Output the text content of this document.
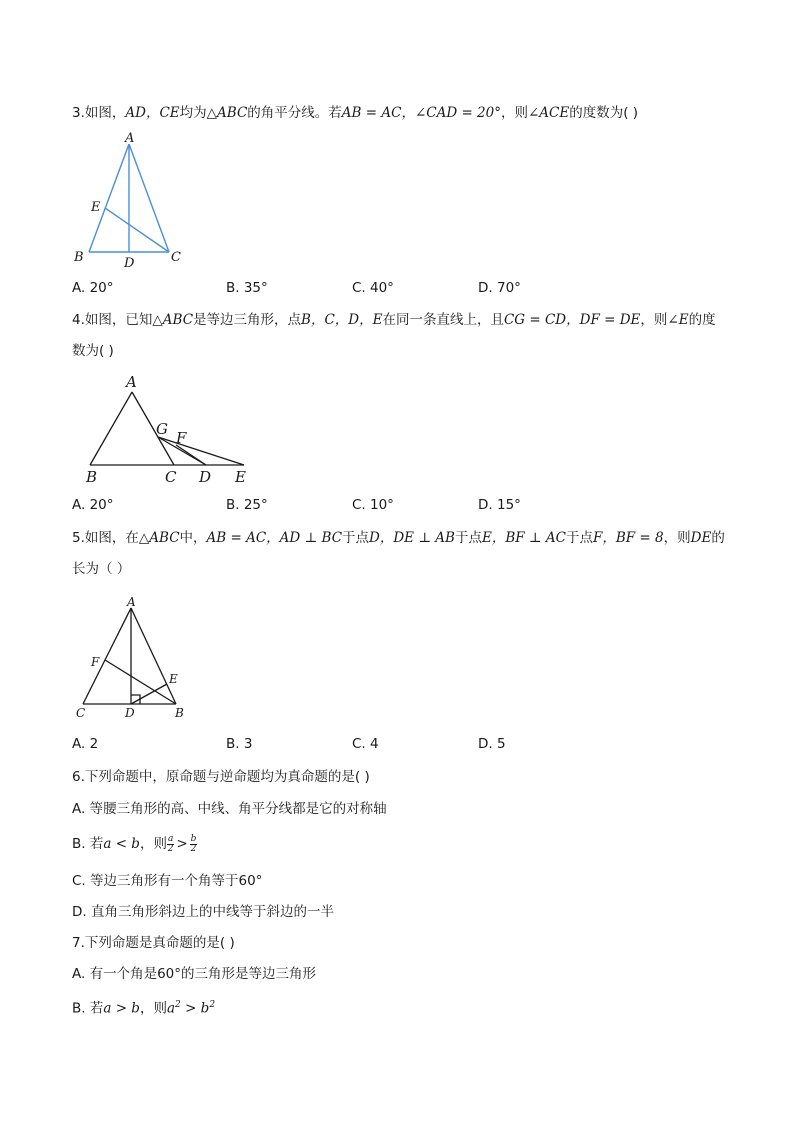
3.如图，AD，CE均为△ABC的角平分线。若AB = AC，∠CAD = 20°，则∠ACE的度数为( )
A
B	C
D
E
A. 20°	B. 35°	C. 40°	D. 70°
4.如图，已知△ABC是等边三角形，点B，C，D，E在同一条直线上，且CG = CD，DF = DE，则∠E的度
数为( )
A
B	C D E
F
G
A. 20°	B. 25°	C. 10°	D. 15°
5.如图，在△ABC中，AB = AC，AD ⊥ BC于点D，DE ⊥ AB于点E，BF ⊥ AC于点F，BF = 8，则DE的
长为（ ）
A
B
C	D
E
F
A. 2	B. 3	C. 4	D. 5
6.下列命题中，原命题与逆命题均为真命题的是( )
A. 等腰三角形的高、中线、角平分线都是它的对称轴
B. 若a < b，则 $\frac{a}{2} > \frac{b}{2}$
C. 等边三角形有一个角等于60°
D. 直角三角形斜边上的中线等于斜边的一半
7.下列命题是真命题的是( )
A. 有一个角是60°的三角形是等边三角形
B. 若a > b，则$a^2 > b^2$
